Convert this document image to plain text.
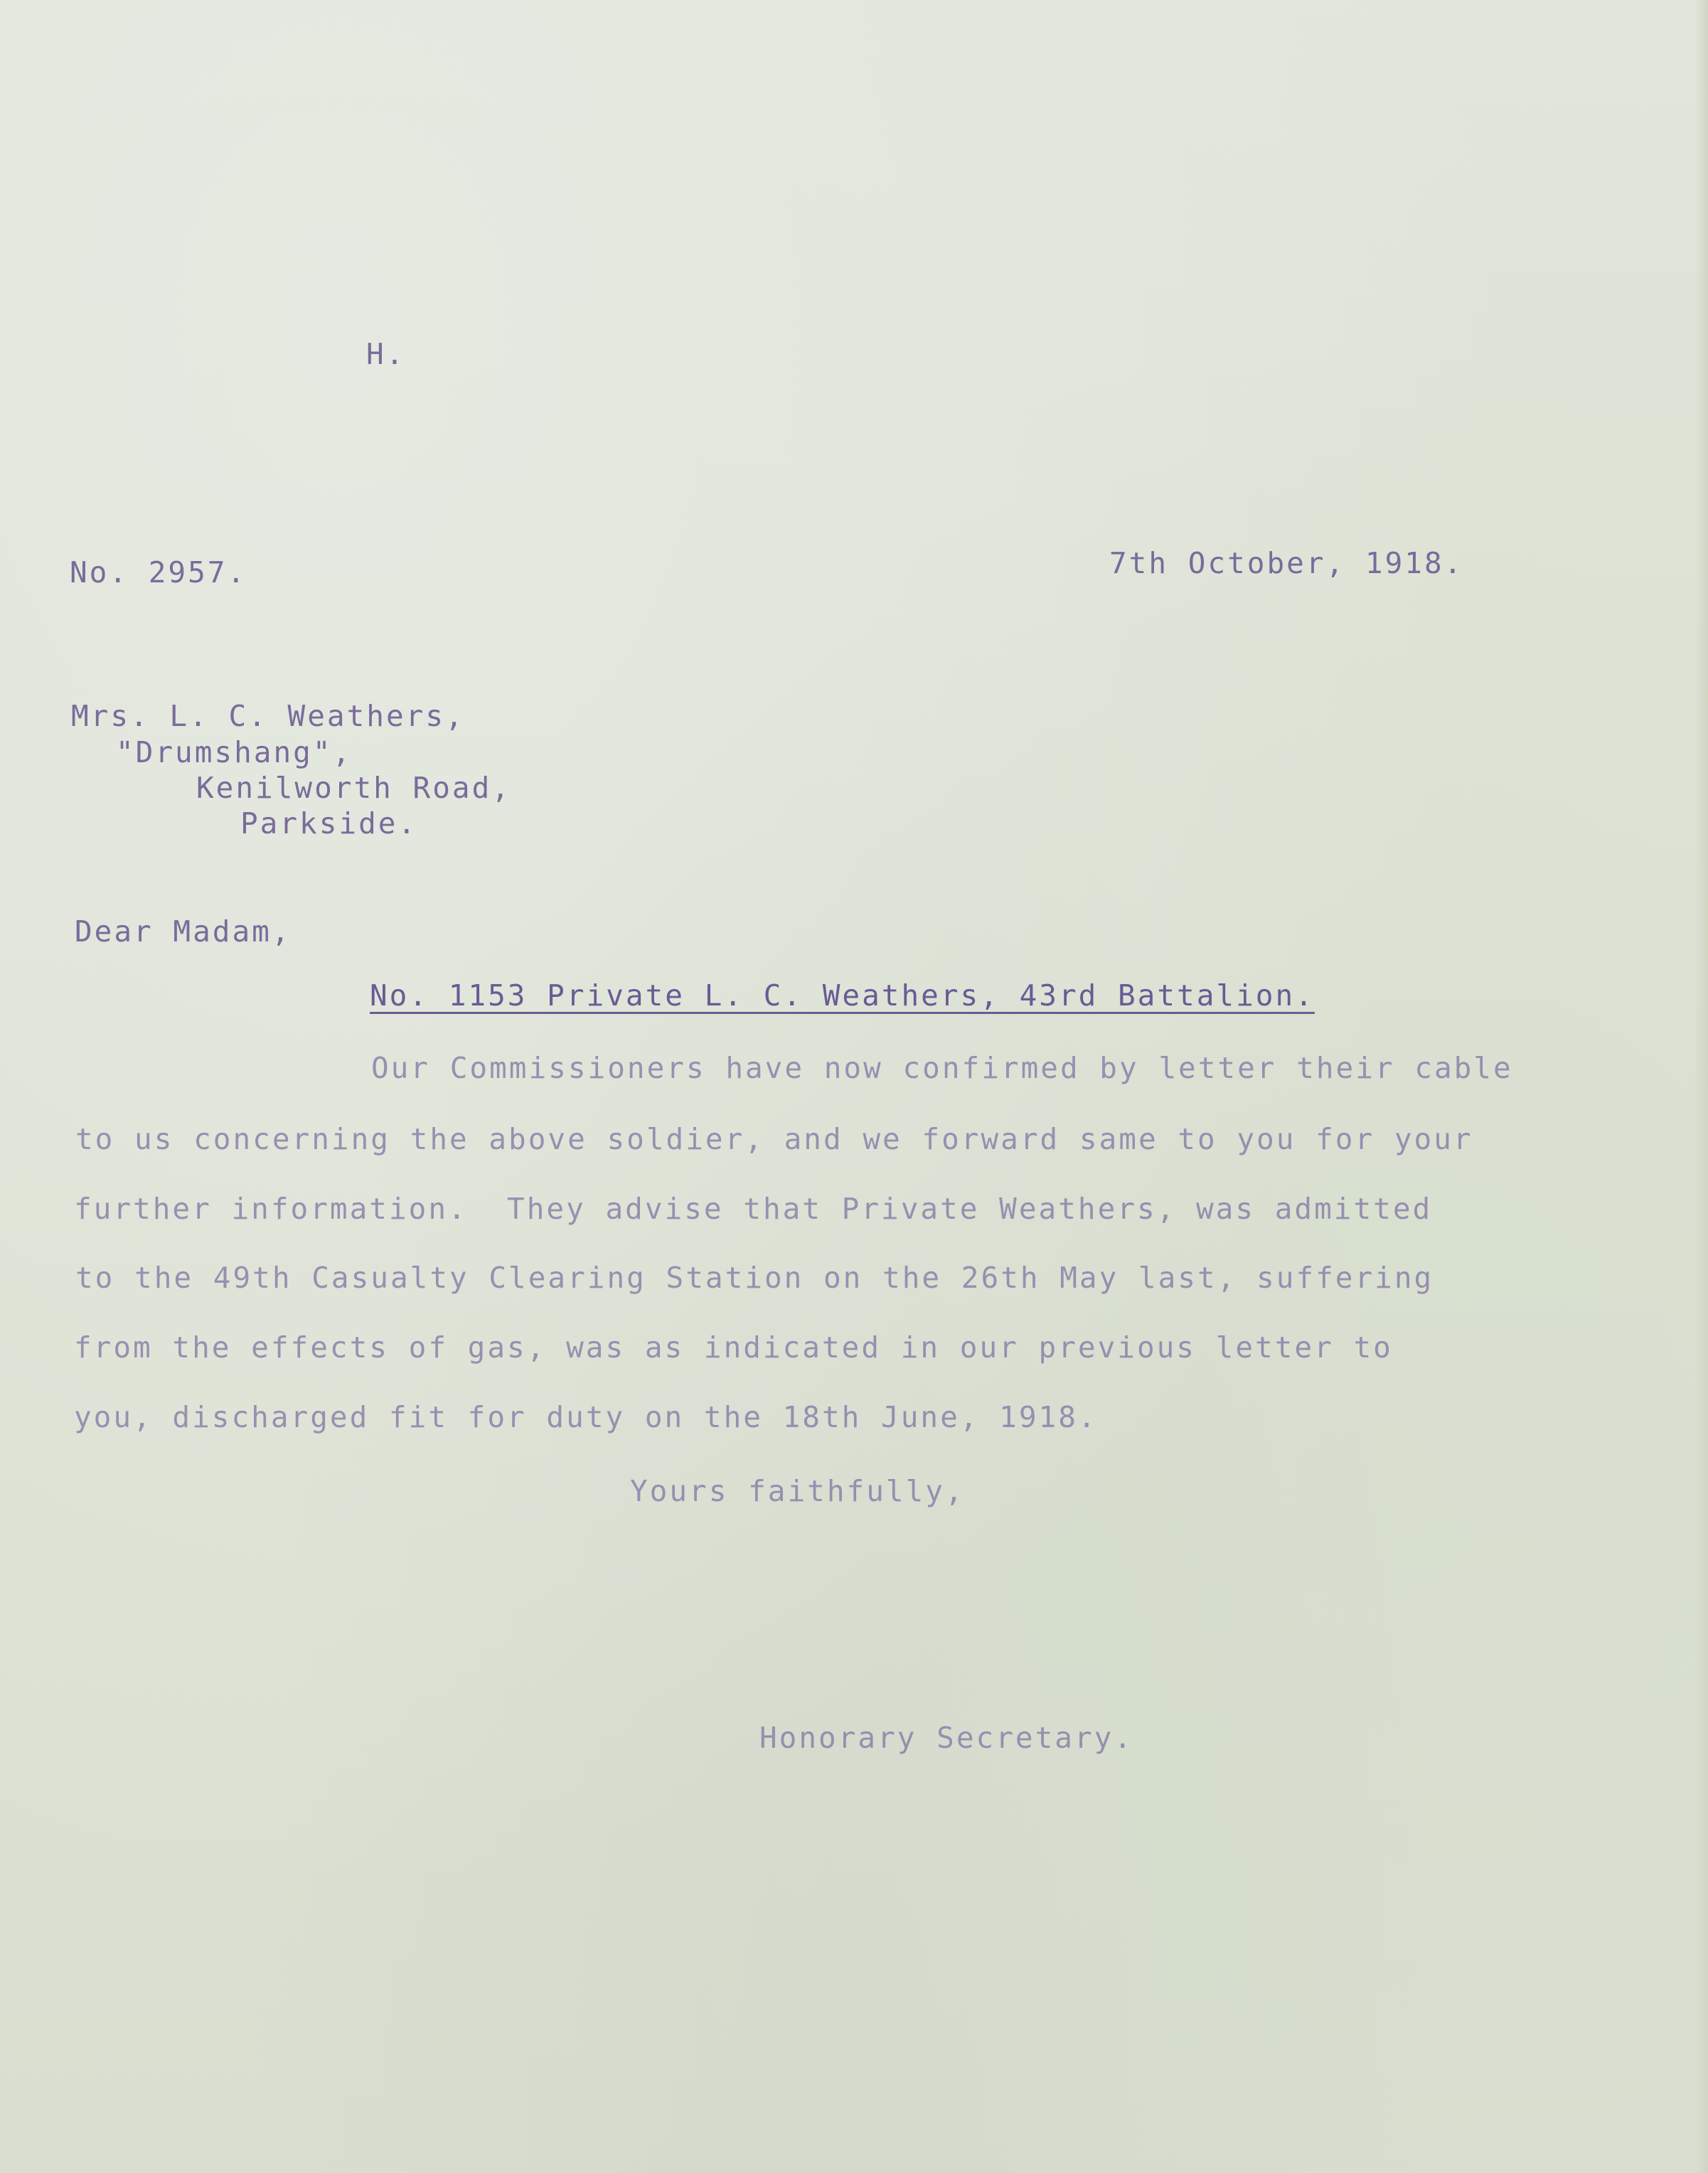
H.
No. 2957.	7th October, 1918.
Mrs. L. C. Weathers,
"Drumshang",
Kenilworth Road,
Parkside.
Dear Madam,
No. 1153 Private L. C. Weathers, 43rd Battalion.
Our Commissioners have now confirmed by letter their cable
to us concerning the above soldier, and we forward same to you for your
further information.  They advise that Private Weathers, was admitted
to the 49th Casualty Clearing Station on the 26th May last, suffering
from the effects of gas, was as indicated in our previous letter to
you, discharged fit for duty on the 18th June, 1918.
Yours faithfully,
Honorary Secretary.
